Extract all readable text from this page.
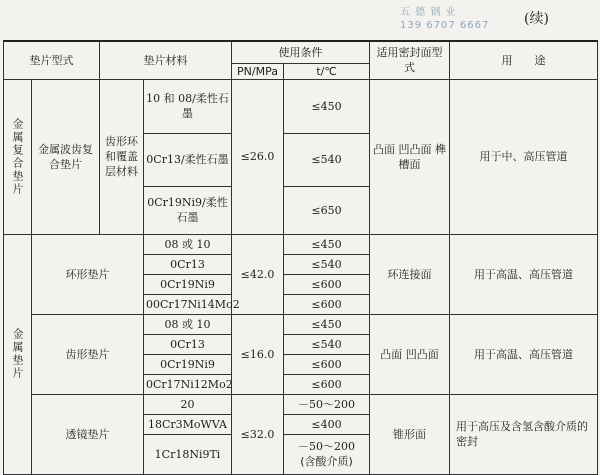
五 德 钢 业
139 6707 6667 (续)
垫片型式		垫片材料		使用条件		适用密封面型式	用　　途
				PN/MPa	t/℃		

金属复合垫片	金属波齿复合垫片	齿形环和覆盖层材料	10 和 08/柔性石墨	≤26.0	≤450	凸面 凹凸面 榫槽面	用于中、高压管道
			0Cr13/柔性石墨		≤540		
			0Cr19Ni9/柔性石墨		≤650		

金属垫片	环形垫片		08 或 10	≤42.0	≤450	环连接面	用于高温、高压管道
			0Cr13		≤540		
			0Cr19Ni9		≤600		
			00Cr17Ni14Mo2		≤600		
	齿形垫片		08 或 10	≤16.0	≤450	凸面 凹凸面	用于高温、高压管道
			0Cr13		≤540		
			0Cr19Ni9		≤600		
			0Cr17Ni12Mo2		≤600		
	透镜垫片		20	≤32.0	－50～200	锥形面	用于高压及含氢含酸介质的密封
			18Cr3MoWVA		≤400		
			1Cr18Ni9Ti		－50～200
(含酸介质)		
